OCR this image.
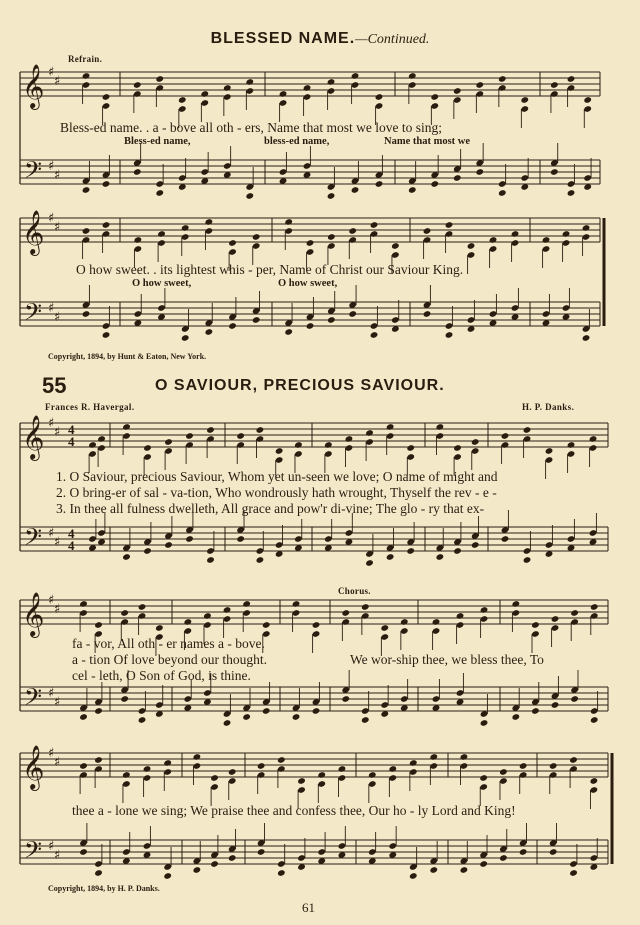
𝄞
𝄢
♯
♯
♯
♯
𝄞
𝄢
♯
♯
♯
♯
𝄞
𝄢
♯
♯
♯
♯
4
4
4
4
𝄞
𝄢
♯
♯
♯
♯
𝄞
𝄢
♯
♯
♯
♯
BLESSED NAME.—Continued.
Refrain.
Bless-ed name. . a - bove all oth - ers, Name that most we love to sing;
Bless-ed name,	bless-ed name,	Name that most we
O how sweet. . its lightest whis - per, Name of Christ our Saviour King.
O how sweet,	O how sweet,
Copyright, 1894, by Hunt & Eaton, New York.
55	O SAVIOUR, PRECIOUS SAVIOUR.
Frances R. Havergal.	H. P. Danks.
1. O Saviour, precious Saviour, Whom yet un-seen we love; O name of might and
2. O bring-er of sal - va-tion, Who wondrously hath wrought, Thyself the rev - e -
3. In thee all fulness dwelleth, All grace and pow'r di-vine; The glo - ry that ex-
fa - vor, All oth - er names a - bove.
a - tion Of love beyond our thought.
cel - leth, O Son of God, is thine.
Chorus.
We wor-ship thee, we bless thee, To
thee a - lone we sing; We praise thee and confess thee, Our ho - ly Lord and King!
Copyright, 1894, by H. P. Danks.
61
